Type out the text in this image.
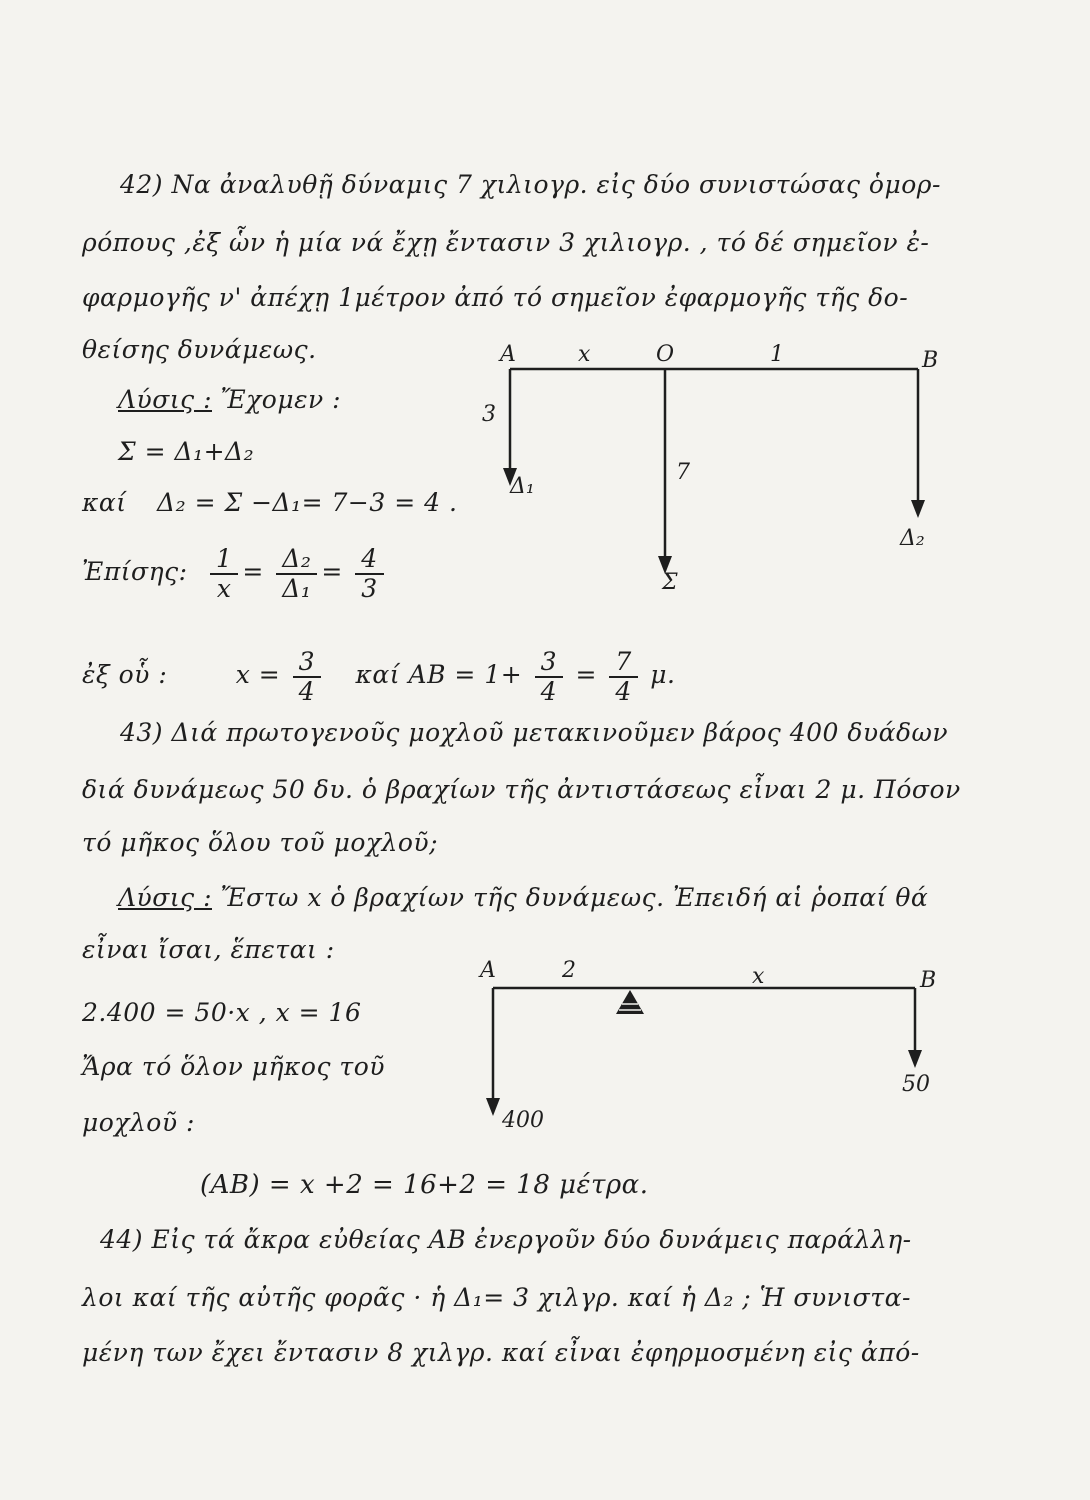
42) Να ἀναλυθῇ δύναμις 7 χιλιογρ. εἰς δύο συνιστώσας ὁμορ-
ρόπους ,ἐξ ὧν ἡ μία νά ἔχῃ ἔντασιν 3 χιλιογρ. , τό δέ σημεῖον ἐ-
φαρμογῆς ν' ἀπέχῃ 1μέτρον ἀπό τό σημεῖον ἐφαρμογῆς τῆς δο-
θείσης δυνάμεως.
Λύσις : Ἔχομεν :
Σ = Δ₁+Δ₂
καί Δ₂ = Σ −Δ₁= 7−3 = 4 .
Ἐπίσης: $\frac{1}{x} = \frac{\text{Δ₂}}{\text{Δ₁}} = \frac{4}{3}$
ἐξ οὗ :	$x = \frac{3}{4}$ καί AB = $1+ \frac{3}{4} = \frac{7}{4} \mu$.
A	x	O	1	B
3
7
Δ₁
Δ₂
Σ
43) Διά πρωτογενοῦς μοχλοῦ μετακινοῦμεν βάρος 400 δυάδων
διά δυνάμεως 50 δυ. ὁ βραχίων τῆς ἀντιστάσεως εἶναι 2 μ. Πόσον
τό μῆκος ὅλου τοῦ μοχλοῦ;
Λύσις : Ἔστω x ὁ βραχίων τῆς δυνάμεως. Ἐπειδή αἱ ῥοπαί θά
εἶναι ἴσαι, ἕπεται :
2.400 = 50·x , x = 16
Ἄρα τό ὅλον μῆκος τοῦ
μοχλοῦ :
(AB) = x +2 = 16+2 = 18 μέτρα.
A	2	x	B
400
50
44) Εἰς τά ἄκρα εὐθείας AB ἐνεργοῦν δύο δυνάμεις παράλλη-
λοι καί τῆς αὐτῆς φορᾶς · ἡ Δ₁= 3 χιλγρ. καί ἡ Δ₂ ; Ἡ συνιστα-
μένη των ἔχει ἔντασιν 8 χιλγρ. καί εἶναι ἐφηρμοσμένη εἰς ἀπό-
